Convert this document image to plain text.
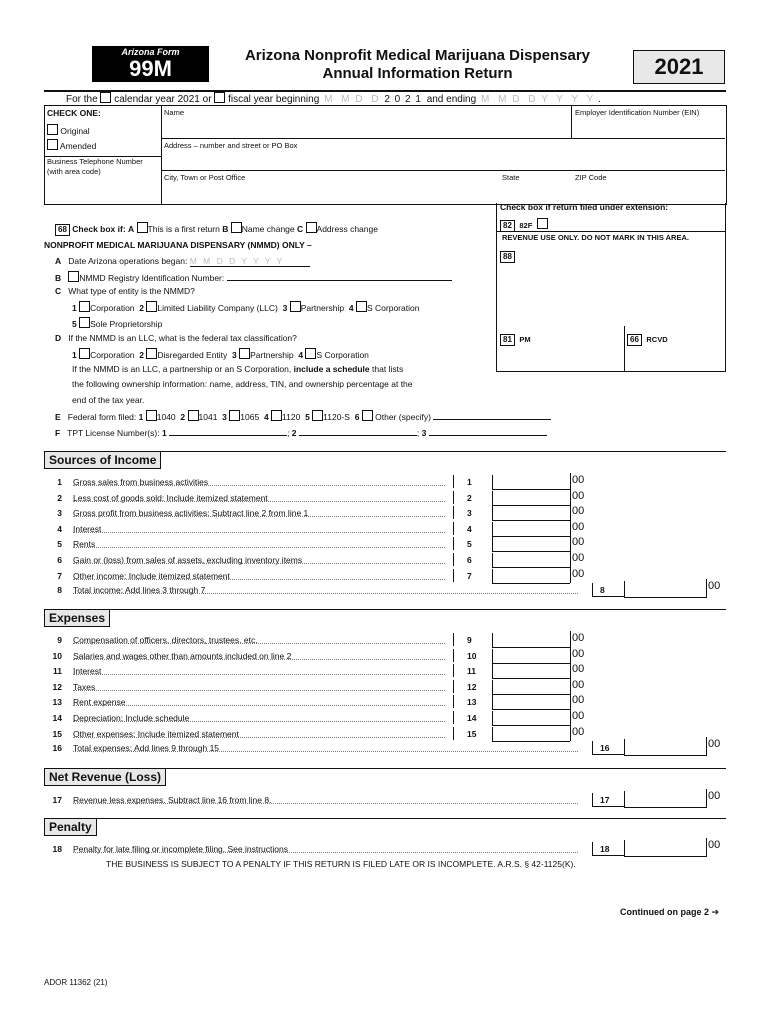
Arizona Form
99M
Arizona Nonprofit Medical Marijuana Dispensary
Annual Information Return	2021
For the calendar year 2021 or fiscal year beginning M M D D 2 0 2 1 and ending M M D D Y Y Y Y .
CHECK ONE:
Original
Amended
Business Telephone Number (with area code)
Name	Employer Identification Number (EIN)
Address – number and street or PO Box
City, Town or Post Office	State	ZIP Code
Check box if return filed under extension:
82 82F
REVENUE USE ONLY. DO NOT MARK IN THIS AREA.
88
81 PM	66 RCVD
68 Check box if: A This is a first return B Name change C Address change
NONPROFIT MEDICAL MARIJUANA DISPENSARY (NMMD) ONLY –
A Date Arizona operations began: M M D D Y Y Y Y
B NMMD Registry Identification Number:
C What type of entity is the NMMD?
1 Corporation 2 Limited Liability Company (LLC) 3 Partnership 4 S Corporation
5 Sole Proprietorship
D If the NMMD is an LLC, what is the federal tax classification?
1 Corporation 2 Disregarded Entity 3 Partnership 4 S Corporation
If the NMMD is an LLC, a partnership or an S Corporation, include a schedule that lists
the following ownership information: name, address, TIN, and ownership percentage at the
end of the tax year.
E Federal form filed: 1 1040 2 1041 3 1065 4 1120 5 1120-S 6 Other (specify)
F TPT License Number(s): 1	; 2	; 3
Sources of Income
1 Gross sales from business activities	1	00
2 Less cost of goods sold: Include itemized statement	2	00
3 Gross profit from business activities: Subtract line 2 from line 1	3	00
4 Interest	4	00
5 Rents	5	00
6 Gain or (loss) from sales of assets, excluding inventory items	6	00
7 Other income: Include itemized statement	7	00
8 Total income: Add lines 3 through 7	8	00
Expenses
9 Compensation of officers, directors, trustees, etc.	9	00
10 Salaries and wages other than amounts included on line 2	10	00
11 Interest	11	00
12 Taxes	12	00
13 Rent expense	13	00
14 Depreciation: Include schedule	14	00
15 Other expenses: Include itemized statement	15	00
16 Total expenses: Add lines 9 through 15	16	00
Net Revenue (Loss)
17 Revenue less expenses. Subtract line 16 from line 8.	17	00
Penalty
18 Penalty for late filing or incomplete filing. See instructions	18	00
THE BUSINESS IS SUBJECT TO A PENALTY IF THIS RETURN IS FILED LATE OR IS INCOMPLETE. A.R.S. § 42-1125(K).
Continued on page 2 ➔
ADOR 11362 (21)
